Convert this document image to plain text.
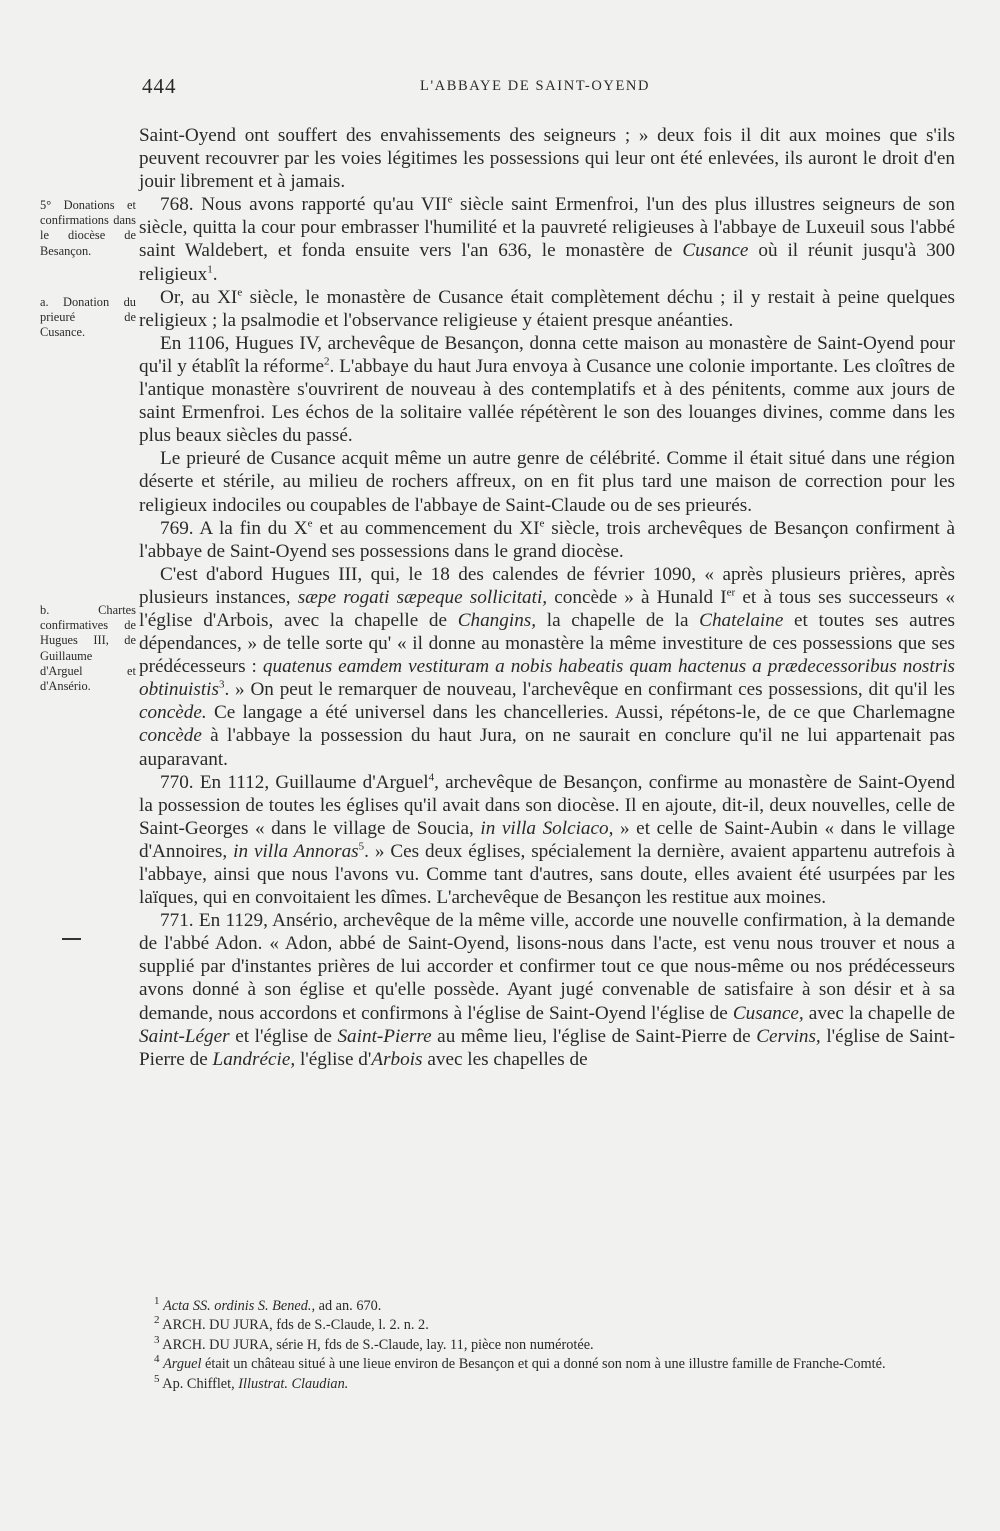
444	L'ABBAYE DE SAINT-OYEND
5° Donations et confirmations dans le diocèse de Besançon.
a. Donation du prieuré de Cusance.
b. Chartes confirmatives de Hugues III, de Guillaume d'Arguel et d'Ansério.

Saint-Oyend ont souffert des envahissements des seigneurs ; » deux fois il dit aux moines que s'ils peuvent recouvrer par les voies légitimes les possessions qui leur ont été enlevées, ils auront le droit d'en jouir librement et à jamais.

768. Nous avons rapporté qu'au VIIe siècle saint Ermenfroi, l'un des plus illustres seigneurs de son siècle, quitta la cour pour embrasser l'humilité et la pauvreté religieuses à l'abbaye de Luxeuil sous l'abbé saint Waldebert, et fonda ensuite vers l'an 636, le monastère de Cusance où il réunit jusqu'à 300 religieux$^1$.

Or, au XIe siècle, le monastère de Cusance était complètement déchu ; il y restait à peine quelques religieux ; la psalmodie et l'observance religieuse y étaient presque anéanties.

En 1106, Hugues IV, archevêque de Besançon, donna cette maison au monastère de Saint-Oyend pour qu'il y établît la réforme$^2$. L'abbaye du haut Jura envoya à Cusance une colonie importante. Les cloîtres de l'antique monastère s'ouvrirent de nouveau à des contemplatifs et à des pénitents, comme aux jours de saint Ermenfroi. Les échos de la solitaire vallée répétèrent le son des louanges divines, comme dans les plus beaux siècles du passé.

Le prieuré de Cusance acquit même un autre genre de célébrité. Comme il était situé dans une région déserte et stérile, au milieu de rochers affreux, on en fit plus tard une maison de correction pour les religieux indociles ou coupables de l'abbaye de Saint-Claude ou de ses prieurés.

769. A la fin du Xe et au commencement du XIe siècle, trois archevêques de Besançon confirment à l'abbaye de Saint-Oyend ses possessions dans le grand diocèse.

C'est d'abord Hugues III, qui, le 18 des calendes de février 1090, « après plusieurs prières, après plusieurs instances, sæpe rogati sæpeque sollicitati, concède » à Hunald Ier et à tous ses successeurs « l'église d'Arbois, avec la chapelle de Changins, la chapelle de la Chatelaine et toutes ses autres dépendances, » de telle sorte qu' « il donne au monastère la même investiture de ces possessions que ses prédécesseurs : quatenus eamdem vestituram a nobis habeatis quam hactenus a prædecessoribus nostris obtinuistis$^3$. » On peut le remarquer de nouveau, l'archevêque en confirmant ces possessions, dit qu'il les concède. Ce langage a été universel dans les chancelleries. Aussi, répétons-le, de ce que Charlemagne concède à l'abbaye la possession du haut Jura, on ne saurait en conclure qu'il ne lui appartenait pas auparavant.

770. En 1112, Guillaume d'Arguel$^4$, archevêque de Besançon, confirme au monastère de Saint-Oyend la possession de toutes les églises qu'il avait dans son diocèse. Il en ajoute, dit-il, deux nouvelles, celle de Saint-Georges « dans le village de Soucia, in villa Solciaco, » et celle de Saint-Aubin « dans le village d'Annoires, in villa Annoras$^5$. » Ces deux églises, spécialement la dernière, avaient appartenu autrefois à l'abbaye, ainsi que nous l'avons vu. Comme tant d'autres, sans doute, elles avaient été usurpées par les laïques, qui en convoitaient les dîmes. L'archevêque de Besançon les restitue aux moines.

771. En 1129, Ansério, archevêque de la même ville, accorde une nouvelle confirmation, à la demande de l'abbé Adon. « Adon, abbé de Saint-Oyend, lisons-nous dans l'acte, est venu nous trouver et nous a supplié par d'instantes prières de lui accorder et confirmer tout ce que nous-même ou nos prédécesseurs avons donné à son église et qu'elle possède. Ayant jugé convenable de satisfaire à son désir et à sa demande, nous accordons et confirmons à l'église de Saint-Oyend l'église de Cusance, avec la chapelle de Saint-Léger et l'église de Saint-Pierre au même lieu, l'église de Saint-Pierre de Cervins, l'église de Saint-Pierre de Landrécie, l'église d'Arbois avec les chapelles de

$^1$ Acta SS. ordinis S. Bened., ad an. 670.

$^2$ ARCH. DU JURA, fds de S.-Claude, l. 2. n. 2.

$^3$ ARCH. DU JURA, série H, fds de S.-Claude, lay. 11, pièce non numérotée.

$^4$ Arguel était un château situé à une lieue environ de Besançon et qui a donné son nom à une illustre famille de Franche-Comté.

$^5$ Ap. Chifflet, Illustrat. Claudian.
